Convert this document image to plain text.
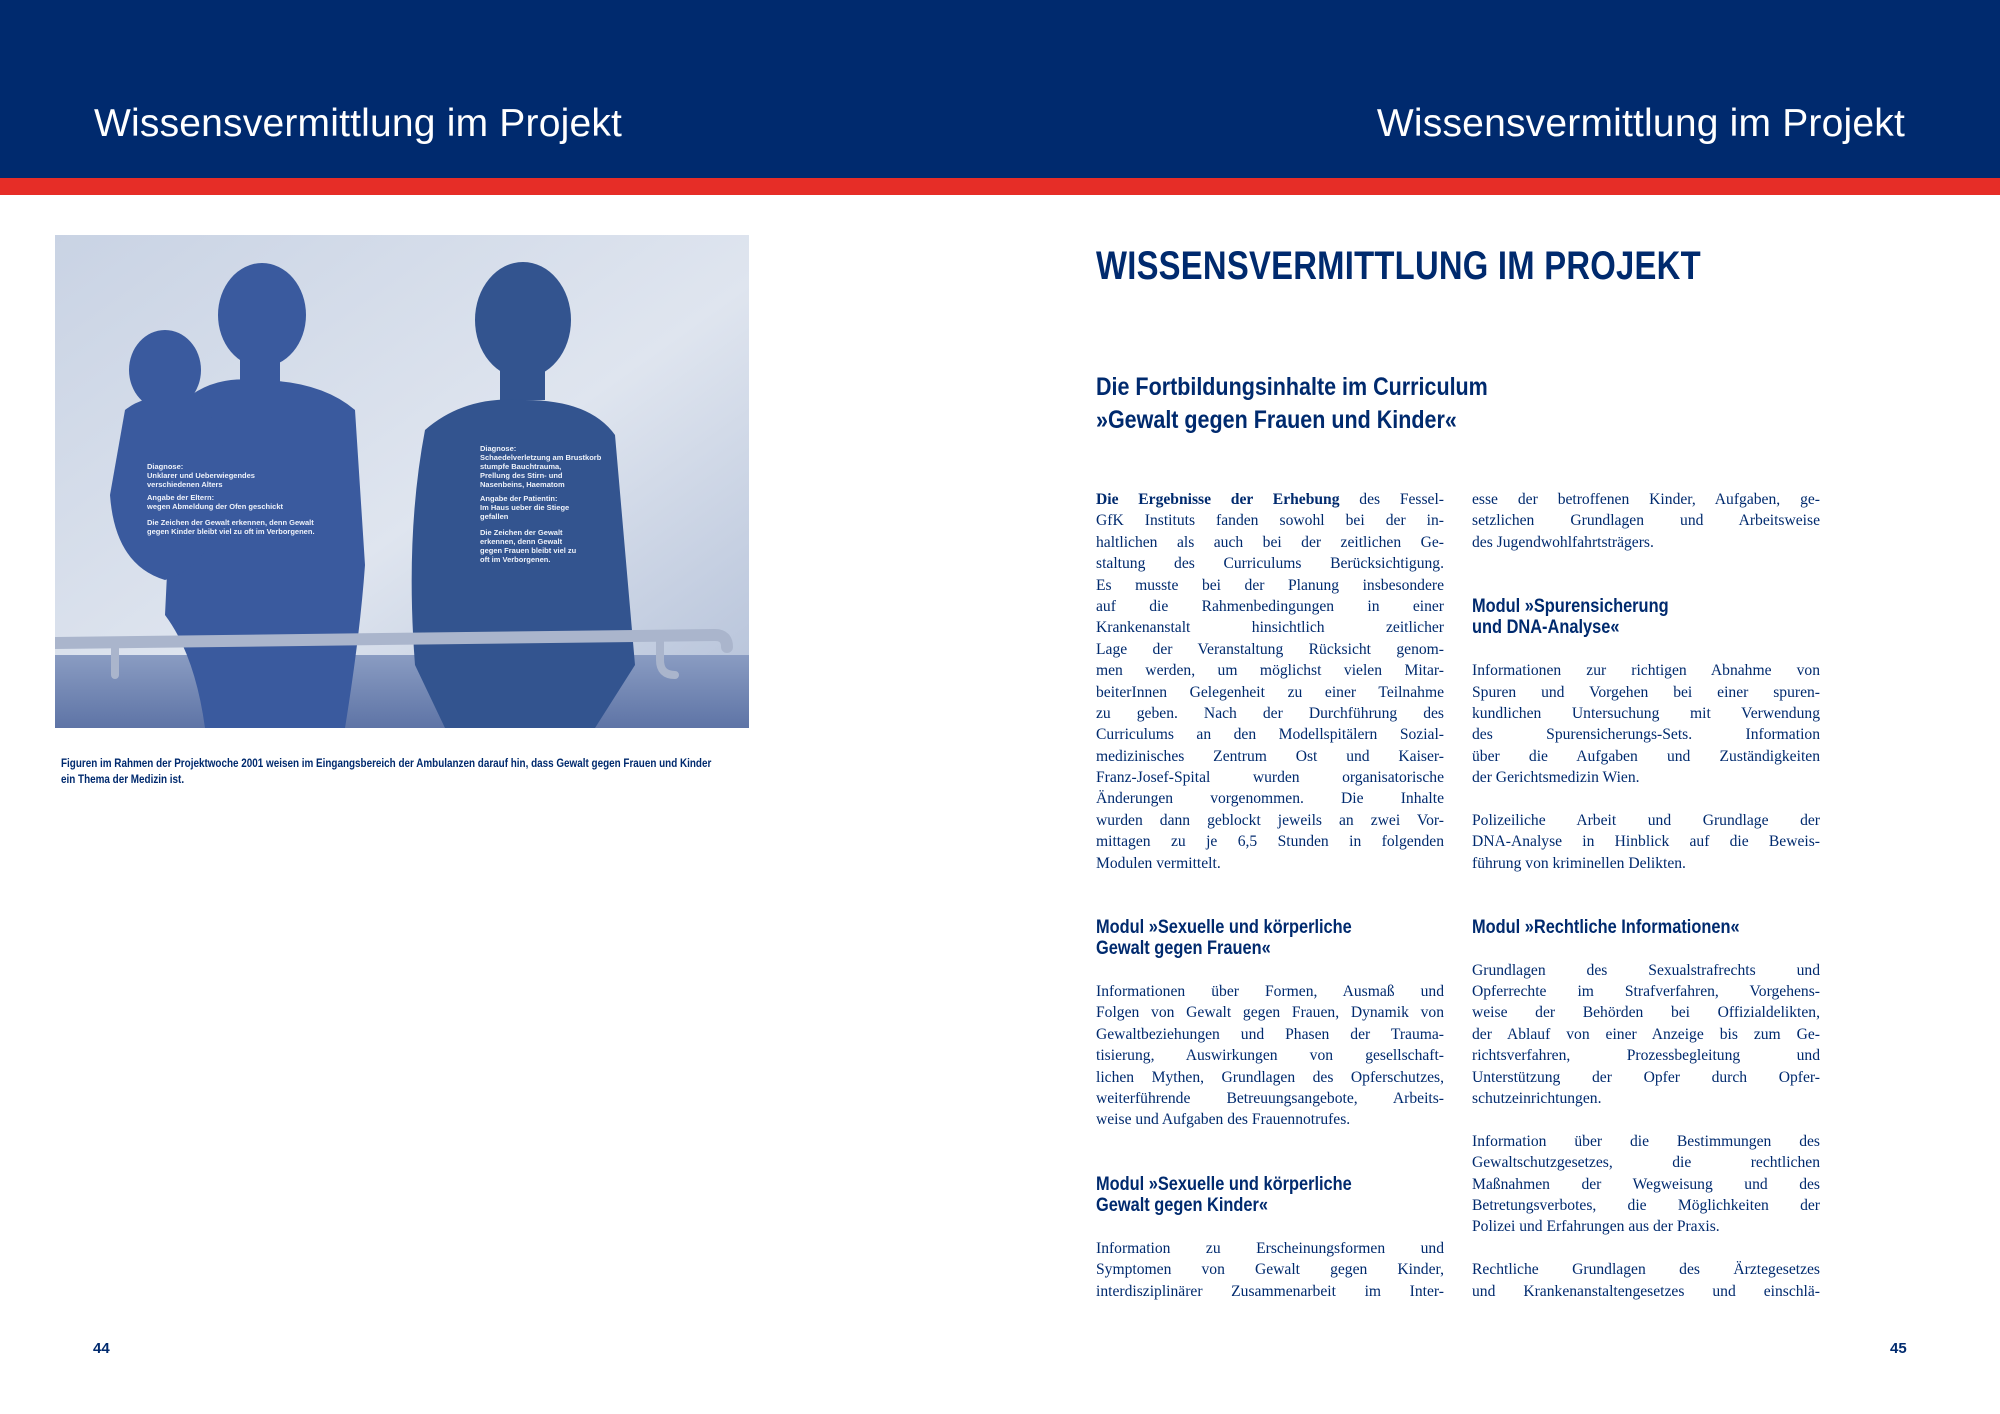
Wissensvermittlung im Projekt	Wissensvermittlung im Projekt
Diagnose:
Unklarer und Ueberwiegendes
verschiedenen Alters
Angabe der Eltern:
wegen Abmeldung der Ofen geschickt
Die Zeichen der Gewalt erkennen, denn Gewalt
gegen Kinder bleibt viel zu oft im Verborgenen.
Diagnose:
Schaedelverletzung am Brustkorb
stumpfe Bauchtrauma,
Prellung des Stirn- und
Nasenbeins, Haematom
Angabe der Patientin:
Im Haus ueber die Stiege
gefallen
Die Zeichen der Gewalt
erkennen, denn Gewalt
gegen Frauen bleibt viel zu
oft im Verborgenen.
Figuren im Rahmen der Projektwoche 2001 weisen im Eingangsbereich der Ambulanzen darauf hin, dass Gewalt gegen Frauen und Kinder
ein Thema der Medizin ist.
WISSENSVERMITTLUNG IM PROJEKT
Die Fortbildungsinhalte im Curriculum
»Gewalt gegen Frauen und Kinder«
Die Ergebnisse der Erhebung des Fessel-
GfK Instituts fanden sowohl bei der in-
haltlichen als auch bei der zeitlichen Ge-
staltung des Curriculums Berücksichtigung.
Es musste bei der Planung insbesondere
auf die Rahmenbedingungen in einer
Krankenanstalt hinsichtlich zeitlicher
Lage der Veranstaltung Rücksicht genom-
men werden, um möglichst vielen Mitar-
beiterInnen Gelegenheit zu einer Teilnahme
zu geben. Nach der Durchführung des
Curriculums an den Modellspitälern Sozial-
medizinisches Zentrum Ost und Kaiser-
Franz-Josef-Spital wurden organisatorische
Änderungen vorgenommen. Die Inhalte
wurden dann geblockt jeweils an zwei Vor-
mittagen zu je 6,5 Stunden in folgenden
Modulen vermittelt.
Modul »Sexuelle und körperliche
Gewalt gegen Frauen«
Informationen über Formen, Ausmaß und
Folgen von Gewalt gegen Frauen, Dynamik von
Gewaltbeziehungen und Phasen der Trauma-
tisierung, Auswirkungen von gesellschaft-
lichen Mythen, Grundlagen des Opferschutzes,
weiterführende Betreuungsangebote, Arbeits-
weise und Aufgaben des Frauennotrufes.
Modul »Sexuelle und körperliche
Gewalt gegen Kinder«
Information zu Erscheinungsformen und
Symptomen von Gewalt gegen Kinder,
interdisziplinärer Zusammenarbeit im Inter-
esse der betroffenen Kinder, Aufgaben, ge-
setzlichen Grundlagen und Arbeitsweise
des Jugendwohlfahrtsträgers.
Modul »Spurensicherung
und DNA-Analyse«
Informationen zur richtigen Abnahme von
Spuren und Vorgehen bei einer spuren-
kundlichen Untersuchung mit Verwendung
des Spurensicherungs-Sets. Information
über die Aufgaben und Zuständigkeiten
der Gerichtsmedizin Wien.
Polizeiliche Arbeit und Grundlage der
DNA-Analyse in Hinblick auf die Beweis-
führung von kriminellen Delikten.
Modul »Rechtliche Informationen«
Grundlagen des Sexualstrafrechts und
Opferrechte im Strafverfahren, Vorgehens-
weise der Behörden bei Offizialdelikten,
der Ablauf von einer Anzeige bis zum Ge-
richtsverfahren, Prozessbegleitung und
Unterstützung der Opfer durch Opfer-
schutzeinrichtungen.
Information über die Bestimmungen des
Gewaltschutzgesetzes, die rechtlichen
Maßnahmen der Wegweisung und des
Betretungsverbotes, die Möglichkeiten der
Polizei und Erfahrungen aus der Praxis.
Rechtliche Grundlagen des Ärztegesetzes
und Krankenanstaltengesetzes und einschlä-
44	45
